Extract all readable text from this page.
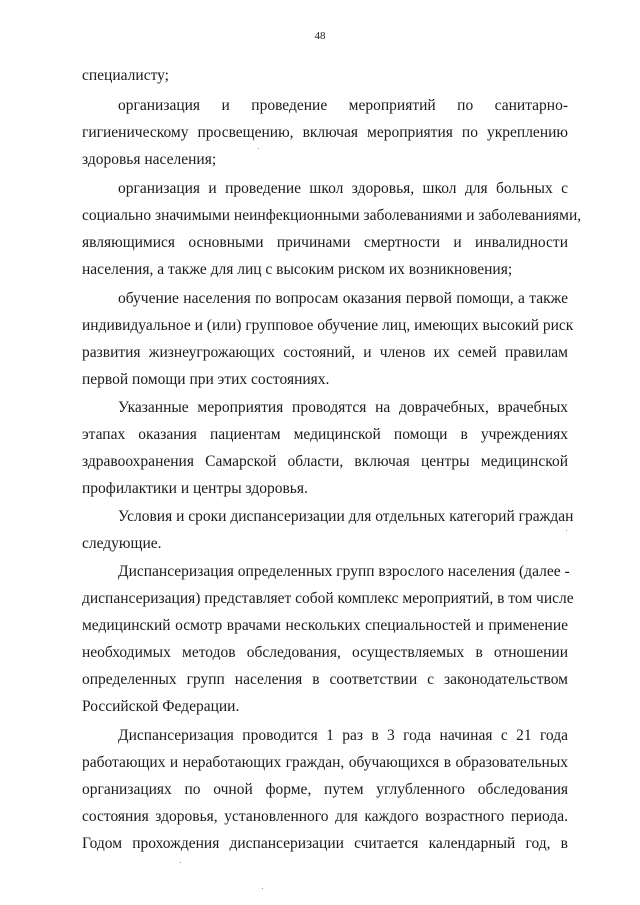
48
специалисту;
организация и проведение мероприятий по санитарно-
гигиеническому просвещению, включая мероприятия по укреплению
здоровья населения;
организация и проведение школ здоровья, школ для больных с
социально значимыми неинфекционными заболеваниями и заболеваниями,
являющимися основными причинами смертности и инвалидности
населения, а также для лиц с высоким риском их возникновения;
обучение населения по вопросам оказания первой помощи, а также
индивидуальное и (или) групповое обучение лиц, имеющих высокий риск
развития жизнеугрожающих состояний, и членов их семей правилам
первой помощи при этих состояниях.
Указанные мероприятия проводятся на доврачебных, врачебных
этапах оказания пациентам медицинской помощи в учреждениях
здравоохранения Самарской области, включая центры медицинской
профилактики и центры здоровья.
Условия и сроки диспансеризации для отдельных категорий граждан
следующие.
Диспансеризация определенных групп взрослого населения (далее -
диспансеризация) представляет собой комплекс мероприятий, в том числе
медицинский осмотр врачами нескольких специальностей и применение
необходимых методов обследования, осуществляемых в отношении
определенных групп населения в соответствии с законодательством
Российской Федерации.
Диспансеризация проводится 1 раз в 3 года начиная с 21 года
работающих и неработающих граждан, обучающихся в образовательных
организациях по очной форме, путем углубленного обследования
состояния здоровья, установленного для каждого возрастного периода.
Годом прохождения диспансеризации считается календарный год, в
